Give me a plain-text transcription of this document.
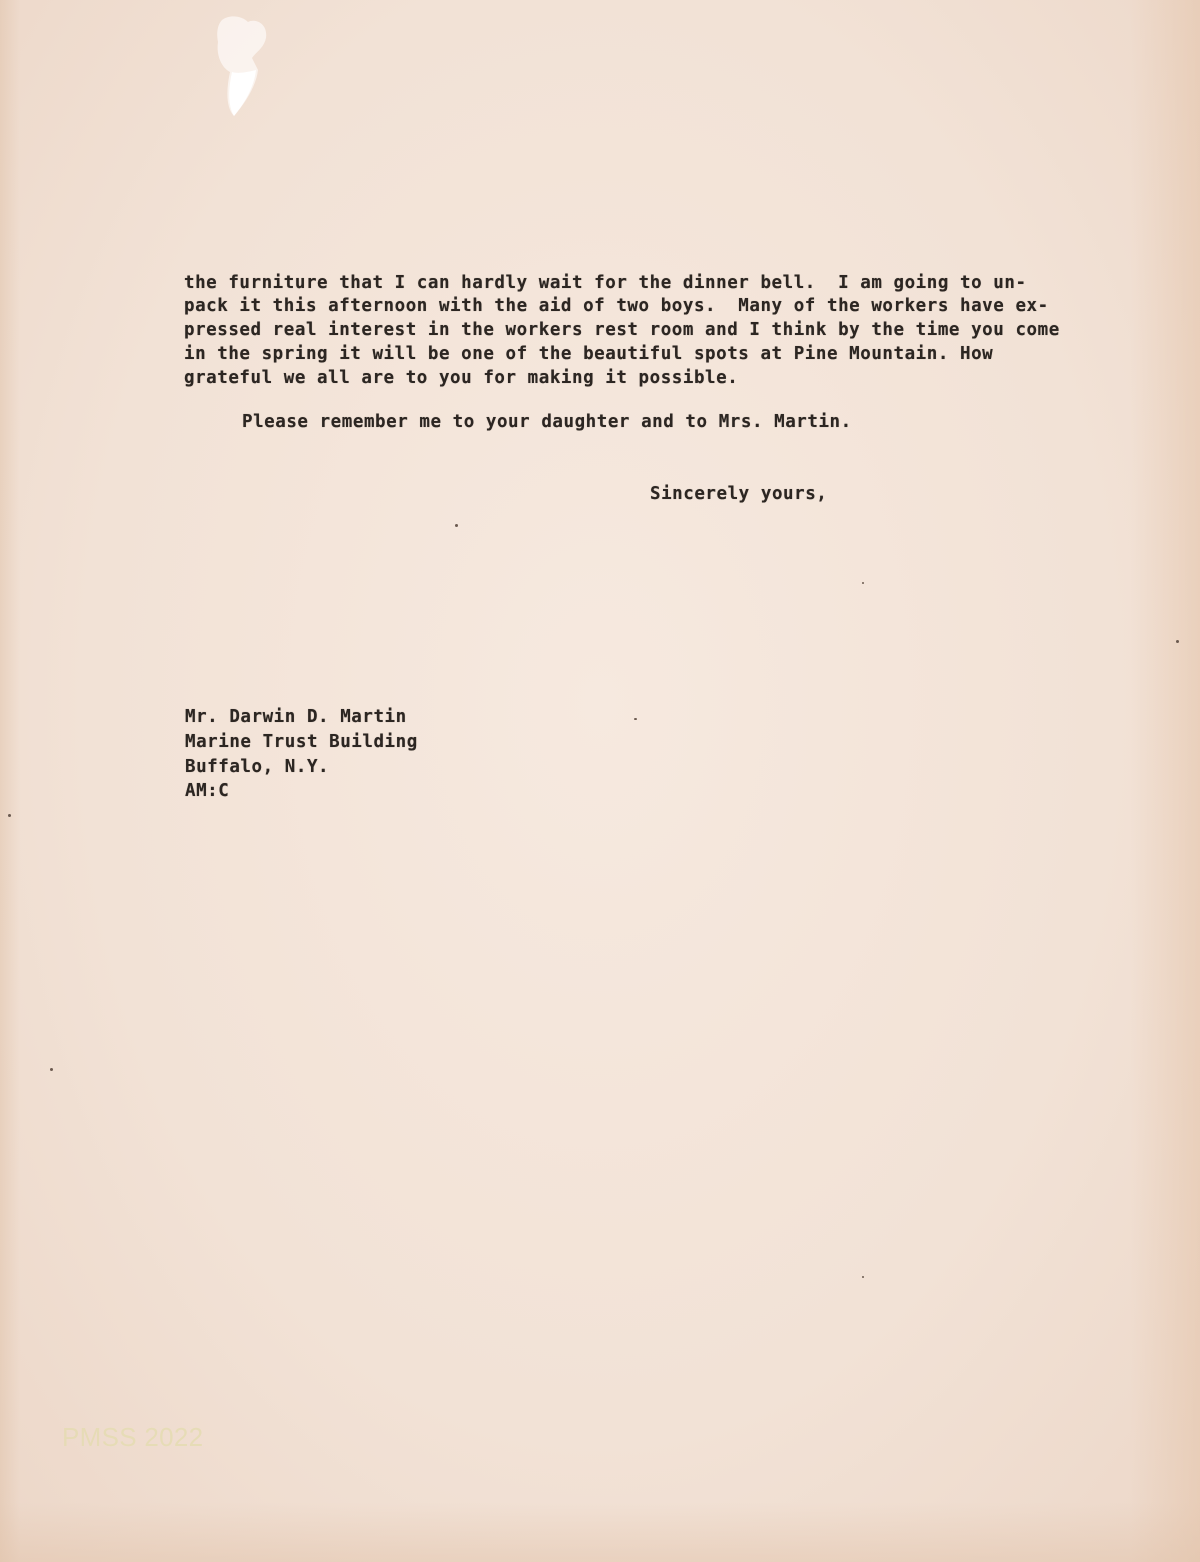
the furniture that I can hardly wait for the dinner bell.  I am going to un-
pack it this afternoon with the aid of two boys.  Many of the workers have ex-
pressed real interest in the workers rest room and I think by the time you come
in the spring it will be one of the beautiful spots at Pine Mountain. How
grateful we all are to you for making it possible.
Please remember me to your daughter and to Mrs. Martin.
Sincerely yours,
Mr. Darwin D. Martin
Marine Trust Building
Buffalo, N.Y.
AM:C
PMSS 2022
